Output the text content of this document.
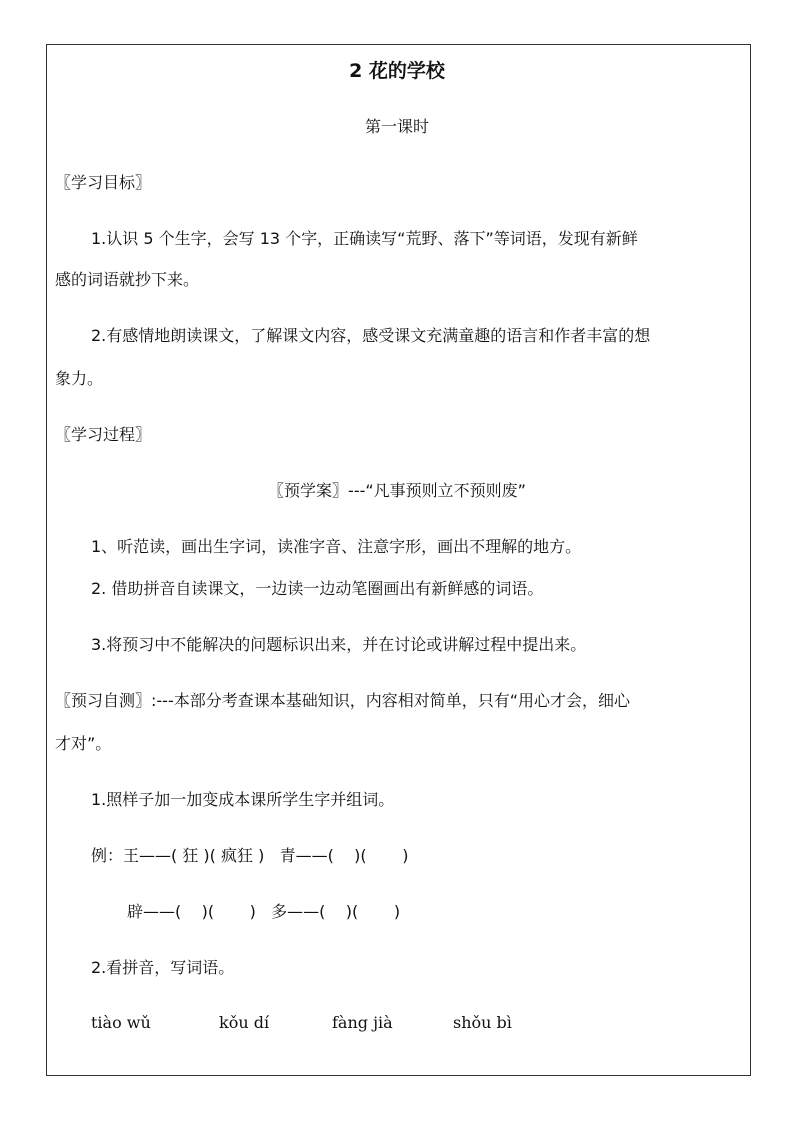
2 花的学校
第一课时
〖学习目标〗
1.认识 5 个生字，会写 13 个字，正确读写“荒野、落下”等词语，发现有新鲜
感的词语就抄下来。
2.有感情地朗读课文，了解课文内容，感受课文充满童趣的语言和作者丰富的想
象力。
〖学习过程〗
〖预学案〗---“凡事预则立不预则废”
1、听范读，画出生字词，读准字音、注意字形，画出不理解的地方。
2. 借助拼音自读课文，一边读一边动笔圈画出有新鲜感的词语。
3.将预习中不能解决的问题标识出来，并在讨论或讲解过程中提出来。
〖预习自测〗:---本部分考查课本基础知识，内容相对简单，只有“用心才会，细心
才对”。
1.照样子加一加变成本课所学生字并组词。
例：王——( 狂 )( 疯狂 )   青——(    )(       )
辟——(    )(       )   多——(    )(       )
2.看拼音，写词语。
tiào wǔ	kǒu dí	fàng jià	shǒu bì
